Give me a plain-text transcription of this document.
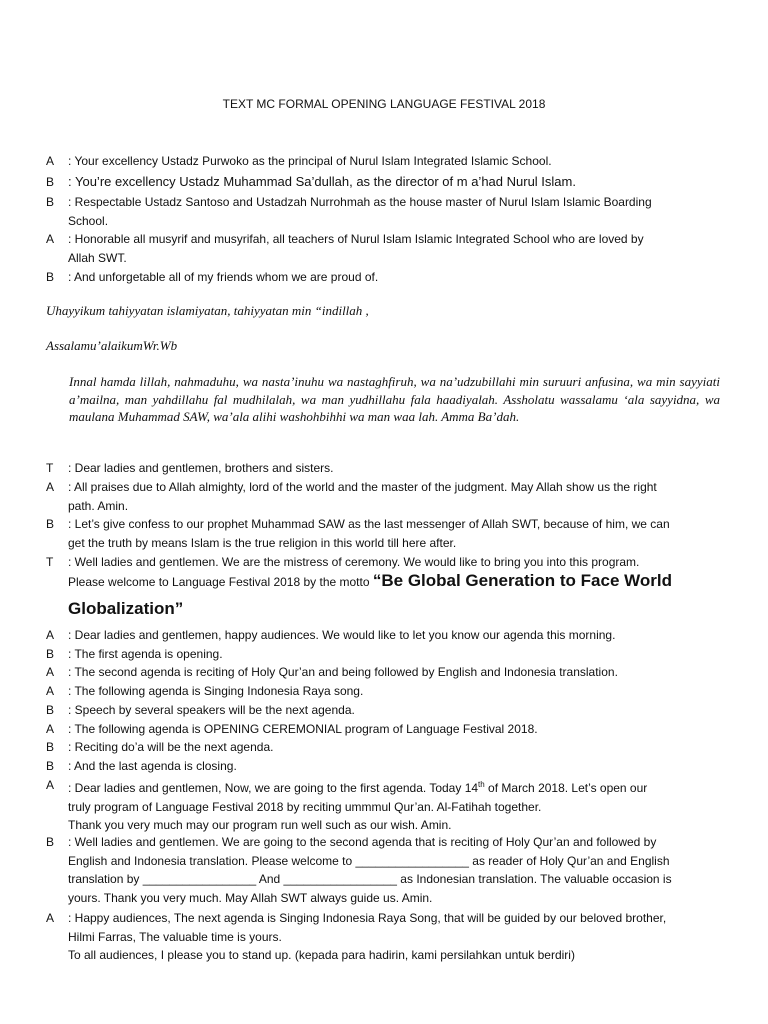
TEXT MC FORMAL OPENING LANGUAGE FESTIVAL 2018
A	: Your excellency Ustadz Purwoko as the principal of Nurul Islam Integrated Islamic School.
B	: You’re excellency Ustadz Muhammad Sa’dullah, as the director of m a’had Nurul Islam.
B	: Respectable Ustadz Santoso and Ustadzah Nurrohmah as the house master of Nurul Islam Islamic Boarding
School.
A	: Honorable all musyrif and musyrifah, all teachers of Nurul Islam Islamic Integrated School who are loved by
Allah SWT.
B	: And unforgetable all of my friends whom we are proud of.
Uhayyikum tahiyyatan islamiyatan, tahiyyatan min “indillah ,
Assalamu’alaikumWr.Wb
Innal hamda lillah, nahmaduhu, wa nasta’inuhu wa nastaghfiruh, wa na’udzubillahi min suruuri anfusina, wa min sayyiati a’mailna, man yahdillahu fal mudhilalah, wa man yudhillahu fala haadiyalah. Assholatu wassalamu ‘ala sayyidna, wa maulana Muhammad SAW, wa’ala alihi washohbihhi wa man waa lah. Amma Ba’dah.
T	: Dear ladies and gentlemen, brothers and sisters.
A	: All praises due to Allah almighty, lord of the world and the master of the judgment. May Allah show us the right
path. Amin.
B	: Let’s give confess to our prophet Muhammad SAW as the last messenger of Allah SWT, because of him, we can
get the truth by means Islam is the true religion in this world till here after.
T	: Well ladies and gentlemen. We are the mistress of ceremony. We would like to bring you into this program.
Please welcome to Language Festival 2018 by the motto “Be Global Generation to Face World
Globalization”
A	: Dear ladies and gentlemen, happy audiences. We would like to let you know our agenda this morning.
B	: The first agenda is opening.
A	: The second agenda is reciting of Holy Qur’an and being followed by English and Indonesia translation.
A	: The following agenda is Singing Indonesia Raya song.
B	: Speech by several speakers will be the next agenda.
A	: The following agenda is OPENING CEREMONIAL program of Language Festival 2018.
B	: Reciting do’a will be the next agenda.
B	: And the last agenda is closing.
A	: Dear ladies and gentlemen, Now, we are going to the first agenda. Today 14th of March 2018. Let’s open our
truly program of Language Festival 2018 by reciting ummmul Qur’an. Al-Fatihah together.
Thank you very much may our program run well such as our wish. Amin.
B	: Well ladies and gentlemen. We are going to the second agenda that is reciting of Holy Qur’an and followed by
English and Indonesia translation. Please welcome to _________________ as reader of Holy Qur’an and English
translation by _________________ And _________________ as Indonesian translation. The valuable occasion is
yours. Thank you very much. May Allah SWT always guide us. Amin.
A	: Happy audiences, The next agenda is Singing Indonesia Raya Song, that will be guided by our beloved brother,
Hilmi Farras, The valuable time is yours.
To all audiences, I please you to stand up. (kepada para hadirin, kami persilahkan untuk berdiri)
